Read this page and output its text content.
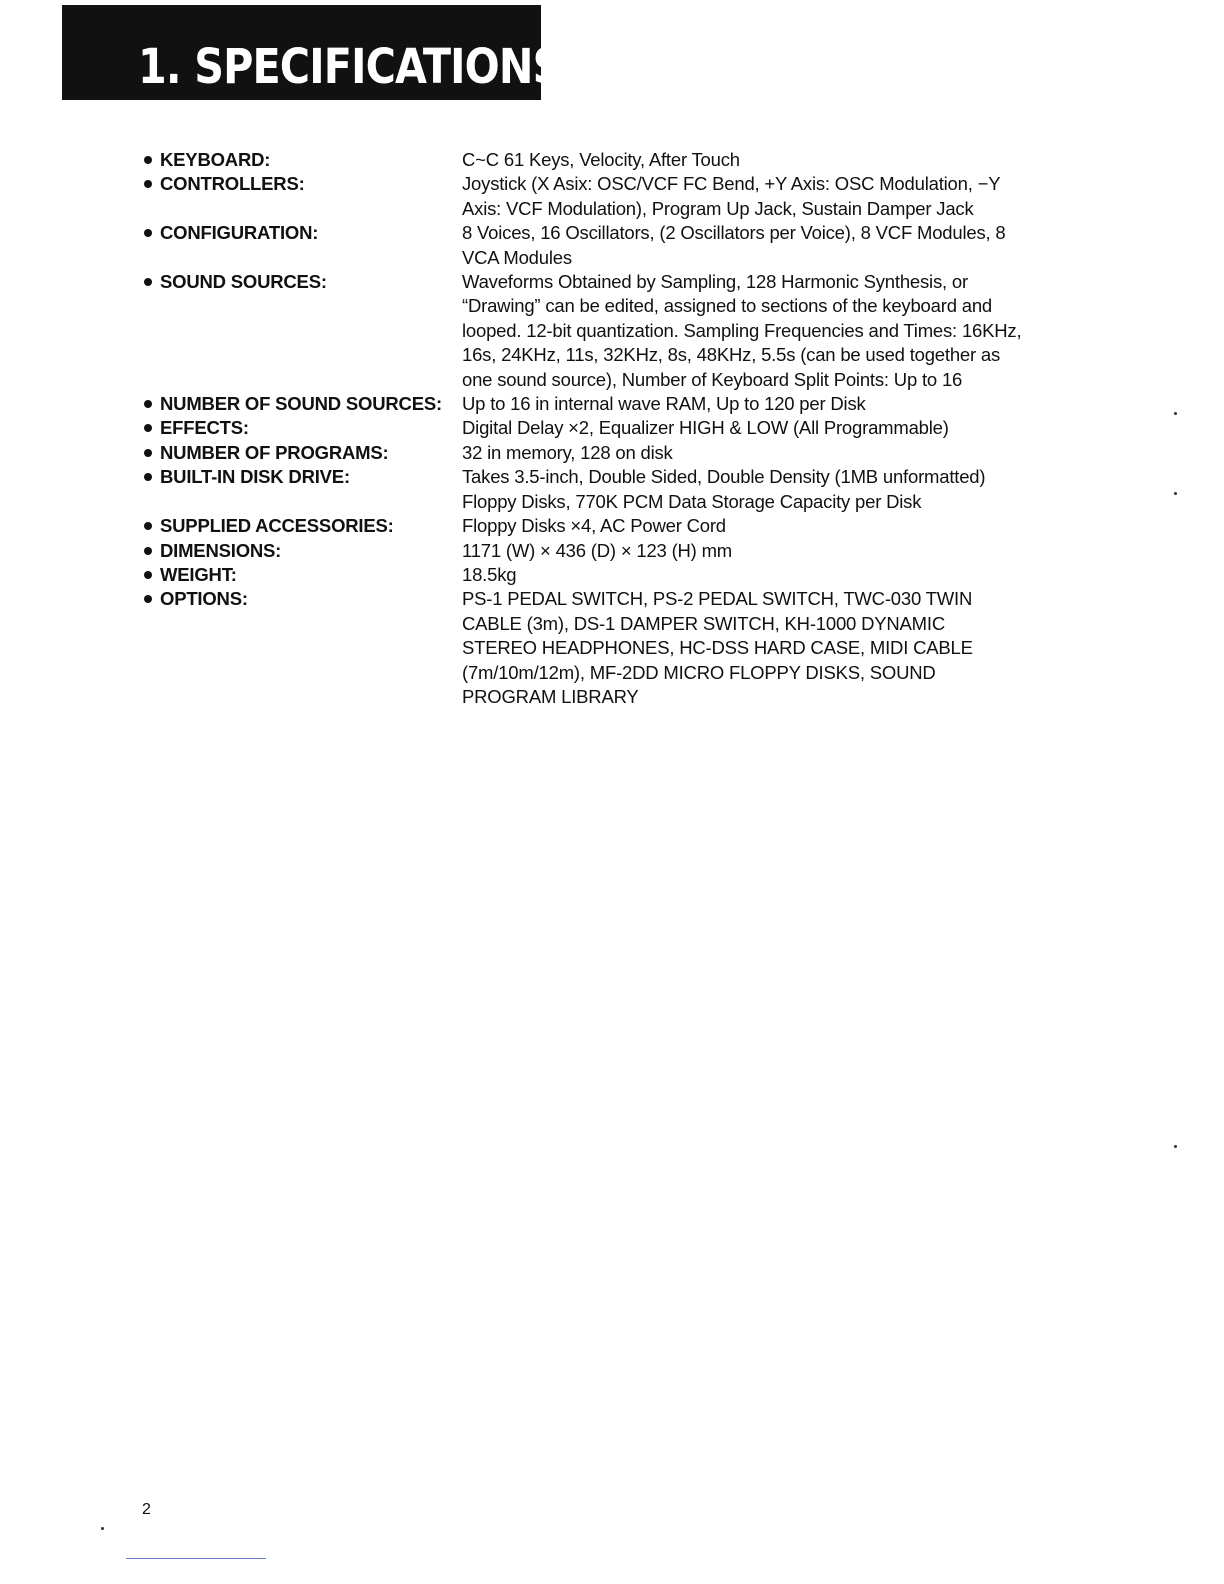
1. SPECIFICATIONS
KEYBOARD:	C~C 61 Keys, Velocity, After Touch
CONTROLLERS:	Joystick (X Asix: OSC/VCF FC Bend, +Y Axis: OSC Modulation, −Y Axis: VCF Modulation), Program Up Jack, Sustain Damper Jack
CONFIGURATION:	8 Voices, 16 Oscillators, (2 Oscillators per Voice), 8 VCF Modules, 8 VCA Modules
SOUND SOURCES:	Waveforms Obtained by Sampling, 128 Harmonic Synthesis, or “Drawing” can be edited, assigned to sections of the keyboard and looped. 12-bit quantization. Sampling Frequencies and Times: 16KHz, 16s, 24KHz, 11s, 32KHz, 8s, 48KHz, 5.5s (can be used together as one sound source), Number of Keyboard Split Points: Up to 16
NUMBER OF SOUND SOURCES:	Up to 16 in internal wave RAM, Up to 120 per Disk
EFFECTS:	Digital Delay ×2, Equalizer HIGH & LOW (All Programmable)
NUMBER OF PROGRAMS:	32 in memory, 128 on disk
BUILT-IN DISK DRIVE:	Takes 3.5-inch, Double Sided, Double Density (1MB unformatted) Floppy Disks, 770K PCM Data Storage Capacity per Disk
SUPPLIED ACCESSORIES:	Floppy Disks ×4, AC Power Cord
DIMENSIONS:	1171 (W) × 436 (D) × 123 (H) mm
WEIGHT:	18.5kg
OPTIONS:	PS-1 PEDAL SWITCH, PS-2 PEDAL SWITCH, TWC-030 TWIN CABLE (3m), DS-1 DAMPER SWITCH, KH-1000 DYNAMIC STEREO HEADPHONES, HC-DSS HARD CASE, MIDI CABLE (7m/10m/12m), MF-2DD MICRO FLOPPY DISKS, SOUND PROGRAM LIBRARY
2
